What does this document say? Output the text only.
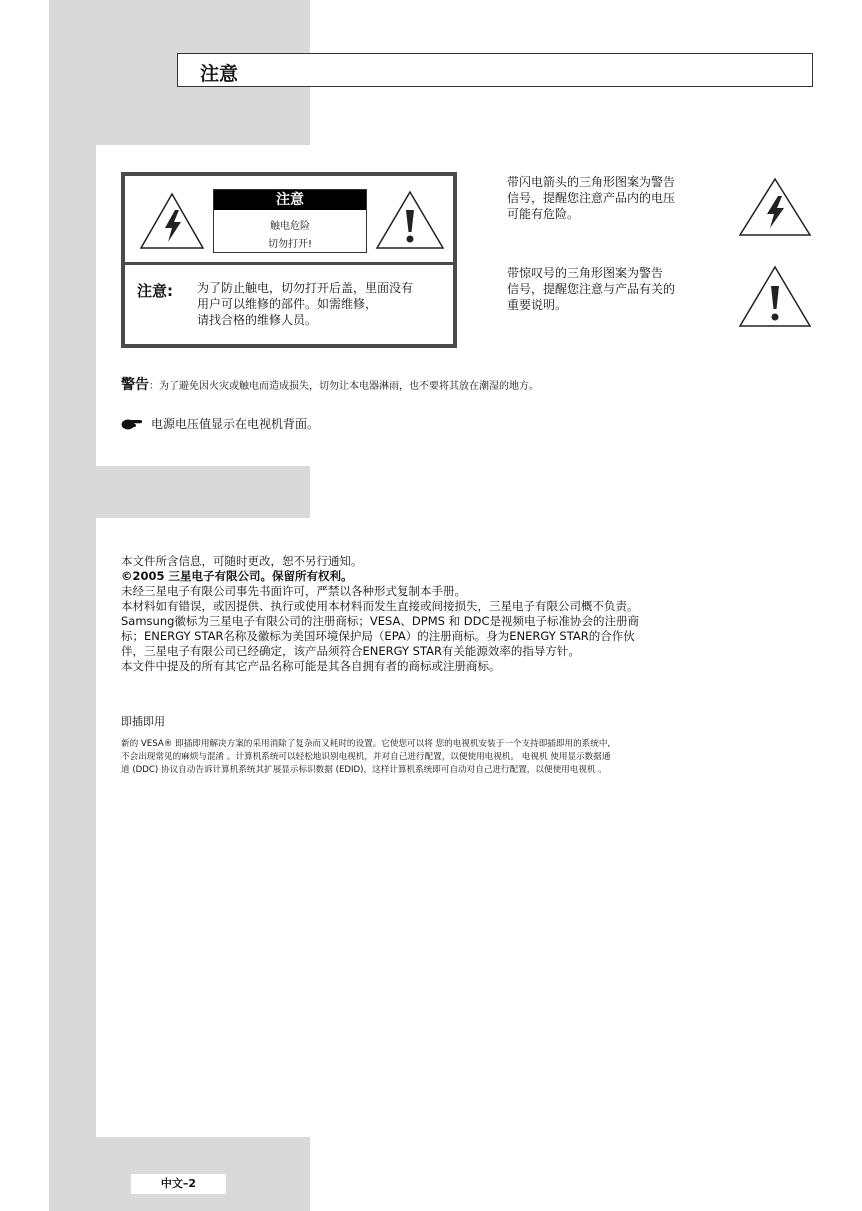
注意
注意
触电危险
切勿打开!
注意: 为了防止触电，切勿打开后盖，里面没有
用户可以维修的部件。如需维修，
请找合格的维修人员。
带闪电箭头的三角形图案为警告
信号，提醒您注意产品内的电压
可能有危险。
带惊叹号的三角形图案为警告
信号，提醒您注意与产品有关的
重要说明。
警告：为了避免因火灾或触电而造成损失，切勿让本电器淋雨，也不要将其放在潮湿的地方。
电源电压值显示在电视机背面。
本文件所含信息，可随时更改，恕不另行通知。
©2005 三星电子有限公司。保留所有权利。
未经三星电子有限公司事先书面许可，严禁以各种形式复制本手册。
本材料如有错误，或因提供、执行或使用本材料而发生直接或间接损失，三星电子有限公司概不负责。
Samsung徽标为三星电子有限公司的注册商标；VESA、DPMS 和 DDC是视频电子标准协会的注册商
标；ENERGY STAR名称及徽标为美国环境保护局（EPA）的注册商标。身为ENERGY STAR的合作伙
伴，三星电子有限公司已经确定，该产品须符合ENERGY STAR有关能源效率的指导方针。
本文件中提及的所有其它产品名称可能是其各自拥有者的商标或注册商标。
即插即用
新的 VESA® 即插即用解决方案的采用消除了复杂而又耗时的设置。它使您可以将 您的电视机安装于一个支持即插即用的系统中,
不会出现常见的麻烦与混淆 。计算机系统可以轻松地识别电视机，并对自己进行配置，以便使用电视机。 电视机 使用显示数据通
道 (DDC) 协议自动告诉计算机系统其扩展显示标识数据 (EDID)，这样计算机系统即可自动对自己进行配置，以便使用电视机 。
中文–2
